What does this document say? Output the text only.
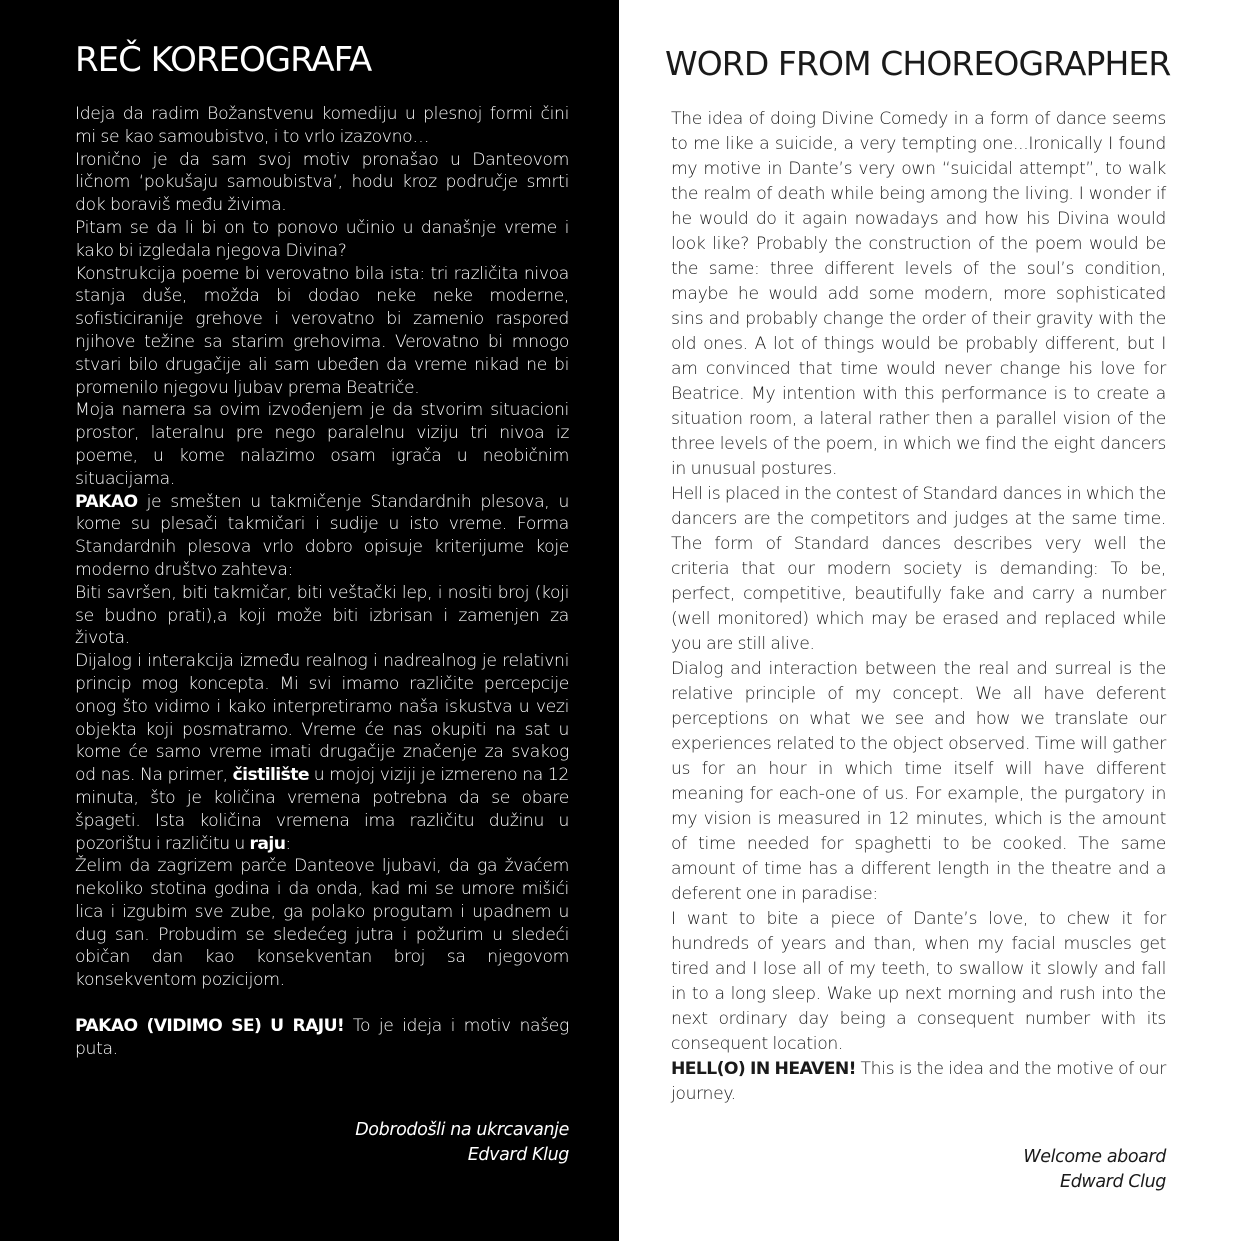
REČ KOREOGRAFA

Ideja da radim Božanstvenu komediju u plesnoj formi čini mi se kao samoubistvo, i to vrlo izazovno…

Ironično je da sam svoj motiv pronašao u Danteovom ličnom ‘pokušaju samoubistva’, hodu kroz područje smrti dok boraviš među živima.

Pitam se da li bi on to ponovo učinio u današnje vreme i kako bi izgledala njegova Divina?

Konstrukcija poeme bi verovatno bila ista: tri različita nivoa stanja duše, možda bi dodao neke neke moderne, sofisticiranije grehove i verovatno bi zamenio raspored njihove težine sa starim grehovima. Verovatno bi mnogo stvari bilo drugačije ali sam ubeđen da vreme nikad ne bi promenilo njegovu ljubav prema Beatriče.

Moja namera sa ovim izvođenjem je da stvorim situacioni prostor, lateralnu pre nego paralelnu viziju tri nivoa iz poeme, u kome nalazimo osam igrača u neobičnim situacijama.

PAKAO je smešten u takmičenje Standardnih plesova, u kome su plesači takmičari i sudije u isto vreme. Forma Standardnih plesova vrlo dobro opisuje kriterijume koje moderno društvo zahteva:

Biti savršen, biti takmičar, biti veštački lep, i nositi broj (koji se budno prati),a koji može biti izbrisan i zamenjen za života.

Dijalog i interakcija između realnog i nadrealnog je relativni princip mog koncepta. Mi svi imamo različite percepcije onog što vidimo i kako interpretiramo naša iskustva u vezi objekta koji posmatramo. Vreme će nas okupiti na sat u kome će samo vreme imati drugačije značenje za svakog od nas. Na primer, čistilište u mojoj viziji je izmereno na 12 minuta, što je količina vremena potrebna da se obare špageti. Ista količina vremena ima različitu dužinu u pozorištu i različitu u raju:

Želim da zagrizem parče Danteove ljubavi, da ga žvaćem nekoliko stotina godina i da onda, kad mi se umore mišići lica i izgubim sve zube, ga polako progutam i upadnem u dug san. Probudim se sledećeg jutra i požurim u sledeći običan dan kao konsekventan broj sa njegovom konsekventom pozicijom.

PAKAO (VIDIMO SE) U RAJU! To je ideja i motiv našeg puta.

Dobrodošli na ukrcavanje
Edvard Klug
WORD FROM CHOREOGRAPHER

The idea of doing Divine Comedy in a form of dance seems to me like a suicide, a very tempting one...Ironically I found my motive in Dante’s very own “suicidal attempt”, to walk the realm of death while being among the living. I wonder if he would do it again nowadays and how his Divina would look like? Probably the construction of the poem would be the same: three different levels of the soul’s condition, maybe he would add some modern, more sophisticated sins and probably change the order of their gravity with the old ones. A lot of things would be probably different, but I am convinced that time would never change his love for Beatrice. My intention with this performance is to create a situation room, a lateral rather then a parallel vision of the three levels of the poem, in which we find the eight dancers in unusual postures.

Hell is placed in the contest of Standard dances in which the dancers are the competitors and judges at the same time. The form of Standard dances describes very well the criteria that our modern society is demanding: To be, perfect, competitive, beautifully fake and carry a number (well monitored) which may be erased and replaced while you are still alive.

Dialog and interaction between the real and surreal is the relative principle of my concept. We all have deferent perceptions on what we see and how we translate our experiences related to the object observed. Time will gather us for an hour in which time itself will have different meaning for each-one of us. For example, the purgatory in my vision is measured in 12 minutes, which is the amount of time needed for spaghetti to be cooked. The same amount of time has a different length in the theatre and a deferent one in paradise:

I want to bite a piece of Dante’s love, to chew it for hundreds of years and than, when my facial muscles get tired and I lose all of my teeth, to swallow it slowly and fall in to a long sleep. Wake up next morning and rush into the next ordinary day being a consequent number with its consequent location.

HELL(O) IN HEAVEN! This is the idea and the motive of our journey.

Welcome aboard
Edward Clug
